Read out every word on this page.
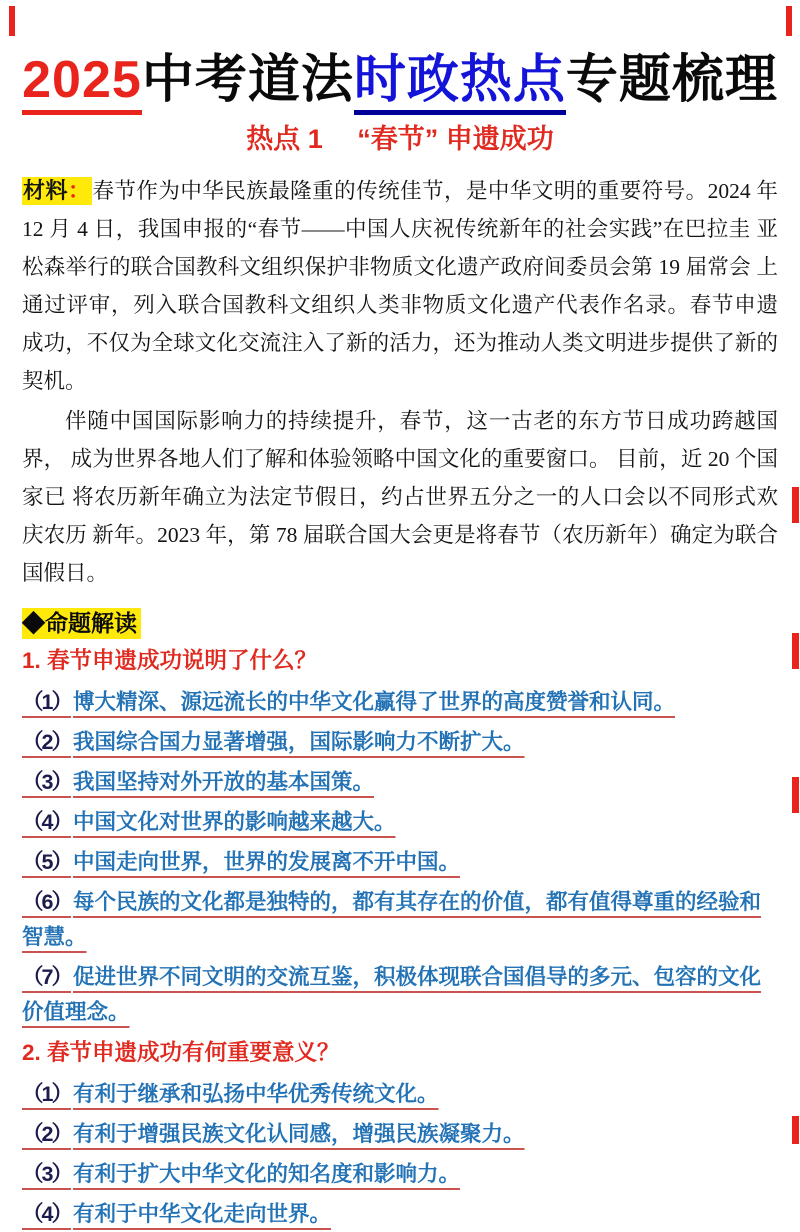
2025中考道法时政热点专题梳理
热点 1　 “春节” 申遗成功

材料：春节作为中华民族最隆重的传统佳节，是中华文明的重要符号。2024 年 12 月 4 日，我国申报的“春节——中国人庆祝传统新年的社会实践”在巴拉圭 亚松森举行的联合国教科文组织保护非物质文化遗产政府间委员会第 19 届常会 上通过评审，列入联合国教科文组织人类非物质文化遗产代表作名录。春节申遗 成功，不仅为全球文化交流注入了新的活力，还为推动人类文明进步提供了新的 契机。

伴随中国国际影响力的持续提升，春节，这一古老的东方节日成功跨越国界， 成为世界各地人们了解和体验领略中国文化的重要窗口。 目前，近 20 个国家已 将农历新年确立为法定节假日，约占世界五分之一的人口会以不同形式欢庆农历 新年。2023 年，第 78 届联合国大会更是将春节（农历新年）确定为联合国假日。

◆命题解读
1. 春节申遗成功说明了什么？
（1）博大精深、源远流长的中华文化赢得了世界的高度赞誉和认同。
（2）我国综合国力显著增强，国际影响力不断扩大。
（3）我国坚持对外开放的基本国策。
（4）中国文化对世界的影响越来越大。
（5）中国走向世界，世界的发展离不开中国。
（6）每个民族的文化都是独特的，都有其存在的价值，都有值得尊重的经验和 智慧。
（7）促进世界不同文明的交流互鉴，积极体现联合国倡导的多元、包容的文化 价值理念。
2. 春节申遗成功有何重要意义？
（1）有利于继承和弘扬中华优秀传统文化。
（2）有利于增强民族文化认同感，增强民族凝聚力。
（3）有利于扩大中华文化的知名度和影响力。
（4）有利于中华文化走向世界。
